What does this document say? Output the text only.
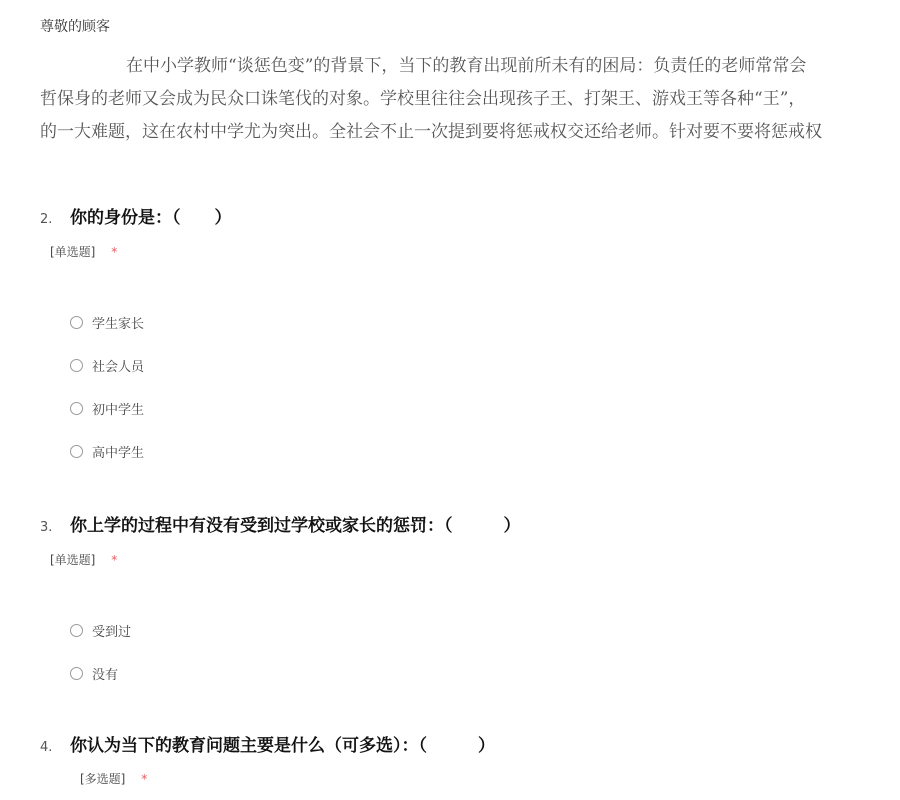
尊敬的顾客
在中小学教师“谈惩色变”的背景下，当下的教育出现前所未有的困局：负责任的老师常常会
哲保身的老师又会成为民众口诛笔伐的对象。学校里往往会出现孩子王、打架王、游戏王等各种“王”，
的一大难题，这在农村中学尤为突出。全社会不止一次提到要将惩戒权交还给老师。针对要不要将惩戒权
2.	你的身份是：（　　）
[单选题] *
学生家长
社会人员
初中学生
高中学生
3.	你上学的过程中有没有受到过学校或家长的惩罚：（　　　）
[单选题] *
受到过
没有
4.	你认为当下的教育问题主要是什么（可多选）：（　　　）
[多选题] *
